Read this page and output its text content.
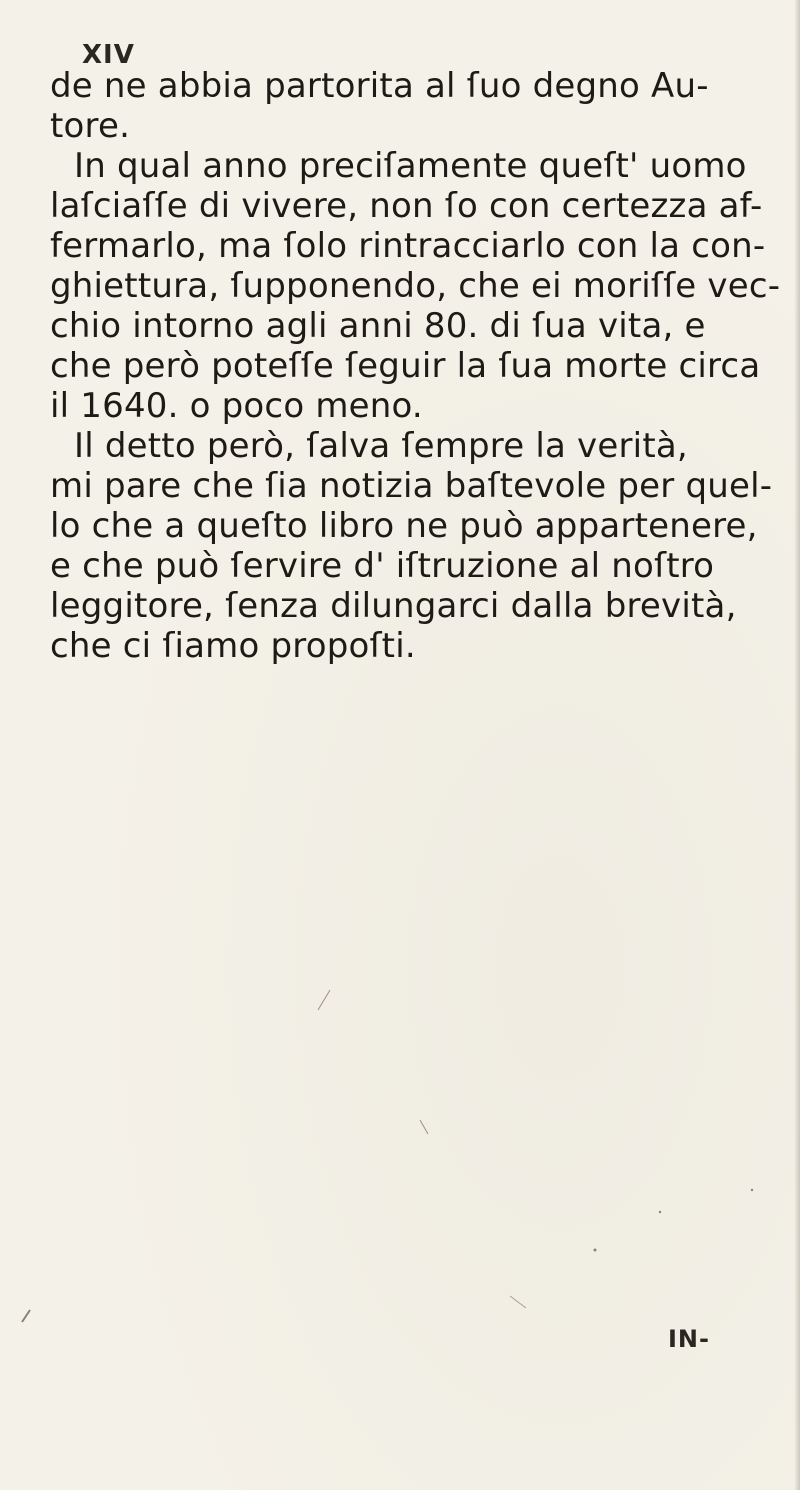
XIV
de ne abbia partorita al ſuo degno Au-
tore.
In qual anno preciſamente queſt' uomo
laſciaſſe di vivere, non ſo con certezza af-
fermarlo, ma ſolo rintracciarlo con la con-
ghiettura, ſupponendo, che ei moriſſe vec-
chio intorno agli anni 80. di ſua vita, e
che però poteſſe ſeguir la ſua morte circa
il 1640. o poco meno.
Il detto però, ſalva ſempre la verità,
mi pare che ſia notizia baſtevole per quel-
lo che a queſto libro ne può appartenere,
e che può ſervire d' iſtruzione al noſtro
leggitore, ſenza dilungarci dalla brevità,
che ci ſiamo propoſti.
IN-
